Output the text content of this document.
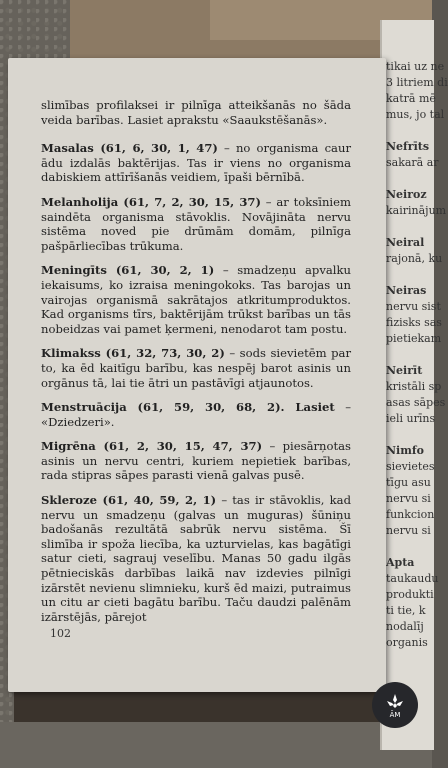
tikai uz ne
3 litriem di
katrā mē
mus, jo tal

Nefrīts
sakarā ar

Neiroz
kairinājum

Neiral
rajonā, ku

Neiras
nervu sist
fizisks sas
pietiekam

Neirīt
kristāli sp
asas sāpes
ieli urīns

Nimfo
sievietes
tīgu asu
nervu si
funkcion
nervu si

Apta
taukaudu
produkti
ti tie, k
nodalīj
organis

slimības profilaksei ir pilnīga atteikšanās no šāda veida barības. Lasiet aprakstu «Saaukstēšanās».

Masalas (61, 6, 30, 1, 47) – no organisma caur ādu izdalās baktērijas. Tas ir viens no organisma dabiskiem attīrīšanās veidiem, īpaši bērnībā.

Melanholija (61, 7, 2, 30, 15, 37) – ar toksīniem saindēta organisma stāvoklis. Novājināta nervu sistēma noved pie drūmām domām, pilnīga pašpārliecības trūkuma.

Meningīts (61, 30, 2, 1) – smadzeņu apvalku iekaisums, ko izraisa meningokoks. Tas barojas un vairojas organismā sakrātajos atkritumproduktos. Kad organisms tīrs, baktērijām trūkst barības un tās nobeidzas vai pamet ķermeni, nenodarot tam postu.

Klimakss (61, 32, 73, 30, 2) – sods sievietēm par to, ka ēd kaitīgu barību, kas nespēj barot asinis un orgānus tā, lai tie ātri un pastāvīgi atjaunotos.

Menstruācija (61, 59, 30, 68, 2). Lasiet – «Dziedzeri».

Migrēna (61, 2, 30, 15, 47, 37) – piesārņotas asinis un nervu centri, kuriem nepietiek barības, rada stipras sāpes parasti vienā galvas pusē.

Skleroze (61, 40, 59, 2, 1) – tas ir stāvoklis, kad nervu un smadzeņu (galvas un muguras) šūniņu badošanās rezultātā sabrūk nervu sistēma. Šī slimība ir spoža liecība, ka uzturvielas, kas bagātīgi satur cieti, sagrauj veselību. Manas 50 gadu ilgās pētnieciskās darbības laikā nav izdevies pilnīgi izārstēt nevienu slimnieku, kurš ēd maizi, putraimus un citu ar cieti bagātu barību. Taču daudzi palēnām izārstējās, pārejot

102
ĀM
